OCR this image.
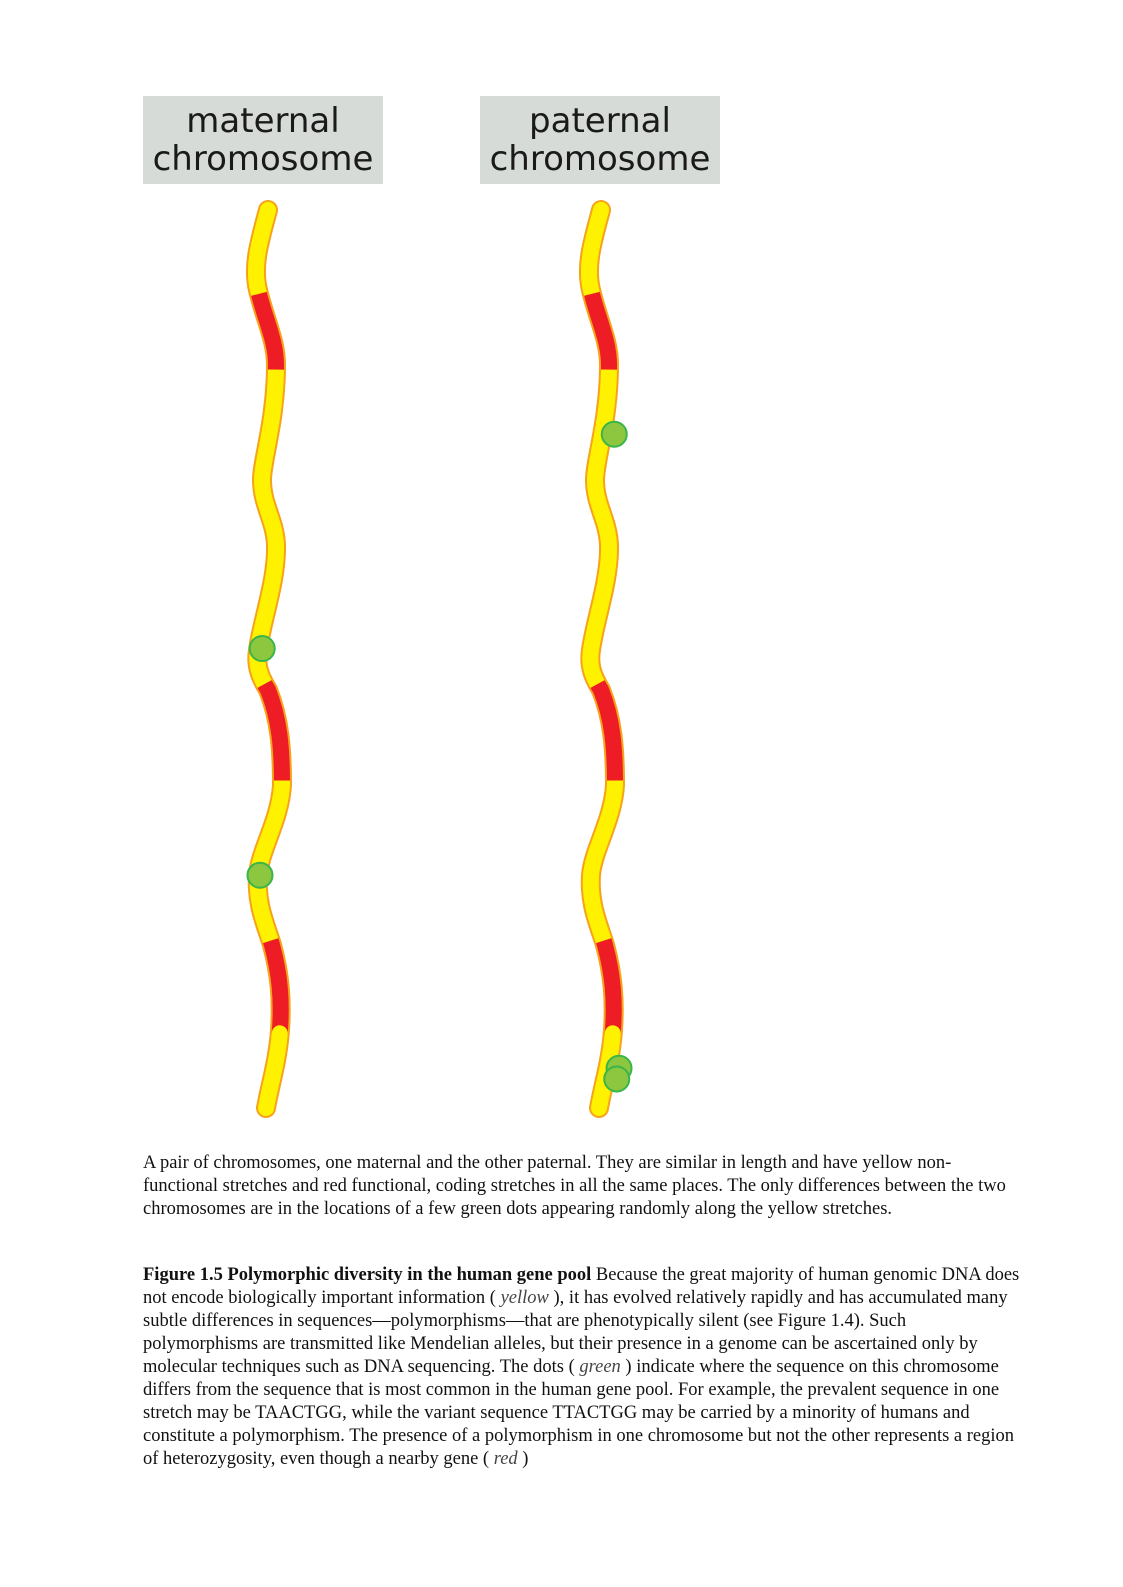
maternal
chromosome
paternal
chromosome

A pair of chromosomes, one maternal and the other paternal. They are similar in length and have yellow non-functional stretches and red functional, coding stretches in all the same places. The only differences between the two chromosomes are in the locations of a few green dots appearing randomly along the yellow stretches.

Figure 1.5 Polymorphic diversity in the human gene pool Because the great majority of human genomic DNA does not encode biologically important information ( yellow ), it has evolved relatively rapidly and has accumulated many subtle differences in sequences—polymorphisms—that are phenotypically silent (see Figure 1.4). Such polymorphisms are transmitted like Mendelian alleles, but their presence in a genome can be ascertained only by molecular techniques such as DNA sequencing. The dots ( green ) indicate where the sequence on this chromosome differs from the sequence that is most common in the human gene pool. For example, the prevalent sequence in one stretch may be TAACTGG, while the variant sequence TTACTGG may be carried by a minority of humans and constitute a polymorphism. The presence of a polymorphism in one chromosome but not the other represents a region of heterozygosity, even though a nearby gene ( red )
